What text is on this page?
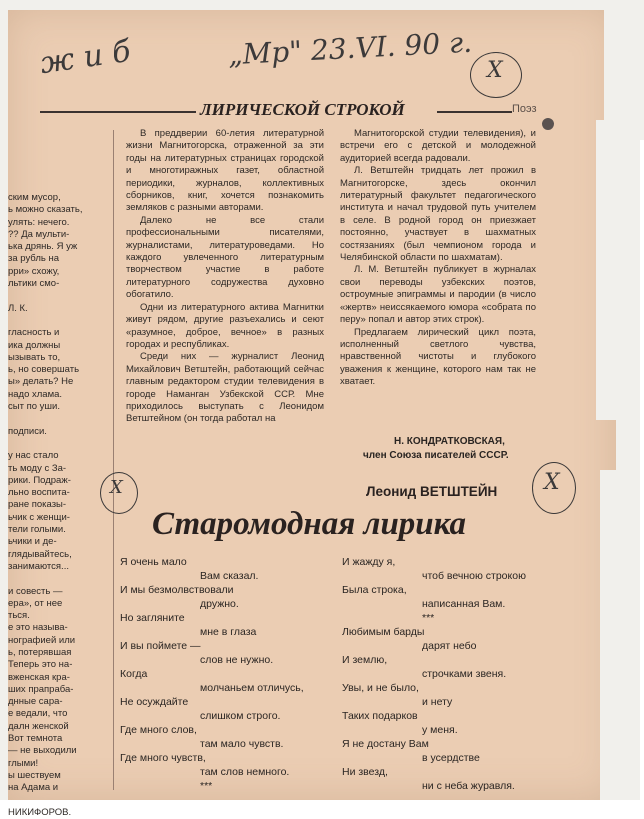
ж и б	„Мр" 23.VI. 90 г. X
ЛИРИЧЕСКОЙ СТРОКОЙ	Поэз
ским мусор,
ь можно сказать,
улять: нечего.
?? Да мульти-
ька дрянь. Я уж
за рубль на
рри» схожу,
льтики смо-
Л. К.
гласность и
ика должны
ызывать то,
ь, но совершать
ы» делать? Не
надо хлама.
сыт по уши.
подписи.
у нас стало
ть моду с За-
рики. Подраж-
льно воспита-
ране показы-
ьчик с женщи-
тели голыми.
ьчики и де-
глядывайтесь,
занимаются...
и совесть —
ера», от нее
ться.
е это называ-
нографией или
ь, потерявшая
Теперь это на-
вженская кра-
ших прапраба-
днные сара-
е ведали, что
далн женской
Вот темнота
— не выходили
глыми!
ы шествуем
на Адама и
НИКИФОРОВ.

В преддверии 60-летия литературной жизни Магнитогорска, отраженной за эти годы на литературных страницах городской и многотиражных газет, областной периодики, журналов, коллективных сборников, книг, хочется познакомить земляков с разными авторами.

Далеко не все стали профессиональными писателями, журналистами, литературоведами. Но каждого увлеченного литературным творчеством участие в работе литературного содружества духовно обогатило.

Одни из литературного актива Магнитки живут рядом, другие разъехались и сеют «разумное, доброе, вечное» в разных городах и республиках.

Среди них — журналист Леонид Михайлович Ветштейн, работающий сейчас главным редактором студии телевидения в городе Наманган Узбекской ССР. Мне приходилось выступать с Леонидом Ветштейном (он тогда работал на

Магнитогорской студии телевидения), и встречи его с детской и молодежной аудиторией всегда радовали.

Л. Ветштейн тридцать лет прожил в Магнитогорске, здесь окончил литературный факультет педагогического института и начал трудовой путь учителем в селе. В родной город он приезжает постоянно, участвует в шахматных состязаниях (был чемпионом города и Челябинской области по шахматам).

Л. М. Ветштейн публикует в журналах свои переводы узбекских поэтов, остроумные эпиграммы и пародии (в число «жертв» неиссякаемого юмора «собрата по перу» попал и автор этих строк).

Предлагаем лирический цикл поэта, исполненный светлого чувства, нравственной чистоты и глубокого уважения к женщине, которого нам так не хватает.

Н. КОНДРАТКОВСКАЯ,
член Союза писателей СССР.
Леонид ВЕТШТЕЙН X
X
Старомодная лирика
Я очень мало
Вам сказал.
И мы безмолвствовали
дружно.
Но загляните
мне в глаза
И вы поймете —
слов не нужно.
Когда
молчаньем отличусь,
Не осуждайте
слишком строго.
Где много слов,
там мало чувств.
Где много чувств,
там слов немного.
***
И жажду я,
чтоб вечною строкою
Была строка,
написанная Вам.
***
Любимым барды
дарят небо
И землю,
строчками звеня.
Увы, и не было,
и нету
Таких подарков
у меня.
Я не достану Вам
в усердстве
Ни звезд,
ни с неба журавля.
